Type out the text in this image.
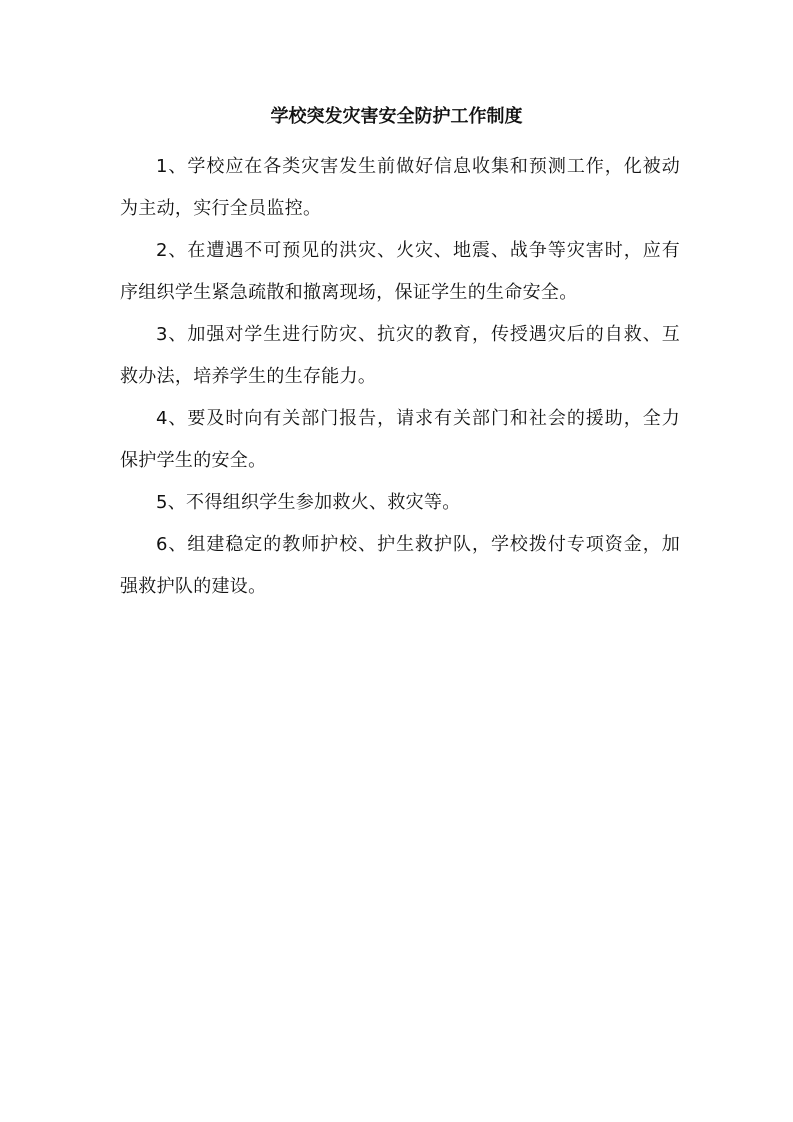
学校突发灾害安全防护工作制度

1、学校应在各类灾害发生前做好信息收集和预测工作，化被动为主动，实行全员监控。

2、在遭遇不可预见的洪灾、火灾、地震、战争等灾害时，应有序组织学生紧急疏散和撤离现场，保证学生的生命安全。

3、加强对学生进行防灾、抗灾的教育，传授遇灾后的自救、互救办法，培养学生的生存能力。

4、要及时向有关部门报告，请求有关部门和社会的援助，全力保护学生的安全。

5、不得组织学生参加救火、救灾等。

6、组建稳定的教师护校、护生救护队，学校拨付专项资金，加强救护队的建设。
